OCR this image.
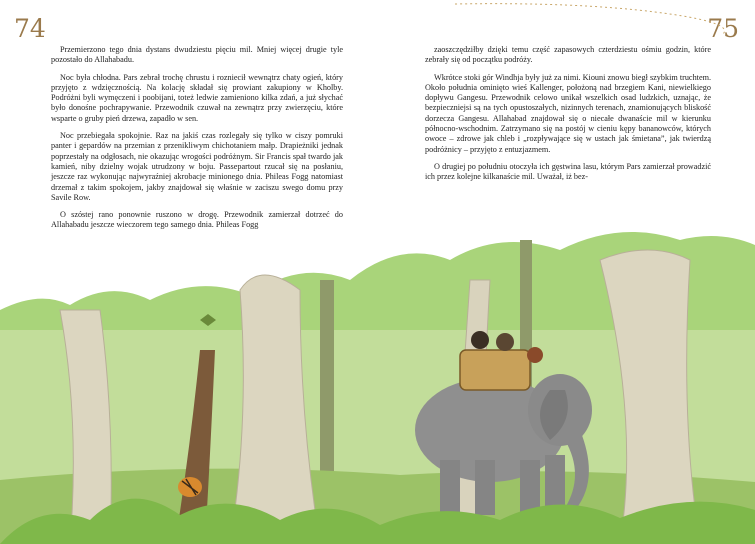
74	75

Przemierzono tego dnia dystans dwudziestu pięciu mil. Mniej więcej drugie tyle pozostało do Allahabadu.

Noc była chłodna. Pars zebrał trochę chrustu i rozniecił wewnątrz chaty ogień, który przyjęto z wdzięcznością. Na kolację składał się prowiant zakupiony w Kholby. Podróżni byli wymęczeni i poobijani, toteż ledwie zamieniono kilka zdań, a już słychać było donośne pochrapywanie. Przewodnik czuwał na zewnątrz przy zwierzęciu, które wsparte o gruby pień drzewa, zapadło w sen.

Noc przebiegała spokojnie. Raz na jakiś czas rozlegały się tylko w ciszy pomruki panter i gepardów na przemian z przenikliwym chichotaniem małp. Drapieżniki jednak poprzestały na odgłosach, nie okazując wrogości podróżnym. Sir Francis spał twardo jak kamień, niby dzielny wojak utrudzony w boju. Passepartout rzucał się na posłaniu, jeszcze raz wykonując najwyraźniej akrobacje minionego dnia. Phileas Fogg natomiast drzemał z takim spokojem, jakby znajdował się właśnie w zaciszu swego domu przy Savile Row.

O szóstej rano ponownie ruszono w drogę. Przewodnik zamierzał dotrzeć do Allahabadu jeszcze wieczorem tego samego dnia. Phileas Fogg

zaoszczędziłby dzięki temu część zapasowych czterdziestu ośmiu godzin, które zebrały się od początku podróży.

Wkrótce stoki gór Windhja były już za nimi. Kiouni znowu biegł szybkim truchtem. Około południa ominięto wieś Kallenger, położoną nad brzegiem Kani, niewielkiego dopływu Gangesu. Przewodnik celowo unikał wszelkich osad ludzkich, uznając, że bezpieczniejsi są na tych opustoszałych, nizinnych terenach, znamionujących bliskość dorzecza Gangesu. Allahabad znajdował się o niecałe dwanaście mil w kierunku północno-wschodnim. Zatrzymano się na postój w cieniu kępy bananowców, których owoce – zdrowe jak chleb i „rozpływające się w ustach jak śmietana”, jak twierdzą podróżnicy – przyjęto z entuzjazmem.

O drugiej po południu otoczyła ich gęstwina lasu, którym Pars zamierzał prowadzić ich przez kolejne kilkanaście mil. Uważał, iż bez-
